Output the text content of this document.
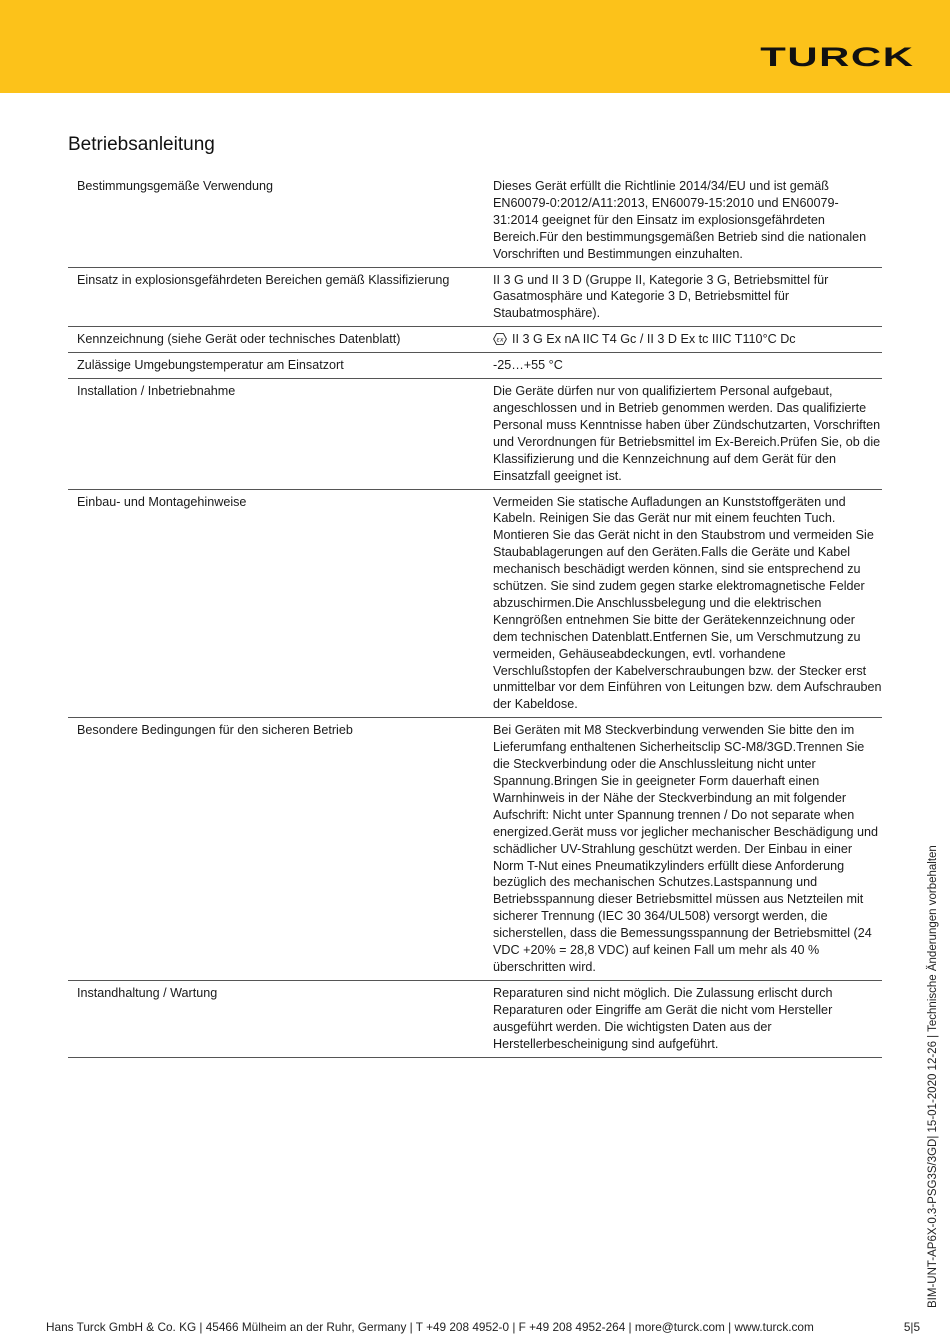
TURCK
Betriebsanleitung
Bestimmungsgemäße Verwendung	Dieses Gerät erfüllt die Richtlinie 2014/34/EU und ist gemäß EN60079-0:2012/A11:2013, EN60079-15:2010 und EN60079-31:2014 geeignet für den Einsatz im explosionsgefährdeten Bereich.Für den bestimmungsgemäßen Betrieb sind die nationalen Vorschriften und Bestimmungen einzuhalten.
Einsatz in explosionsgefährdeten Bereichen gemäß Klassifizierung	II 3 G und II 3 D (Gruppe II, Kategorie 3 G, Betriebsmittel für Gasatmosphäre und Kategorie 3 D, Betriebsmittel für Staubatmosphäre).
Kennzeichnung (siehe Gerät oder technisches Datenblatt)	εx II 3 G Ex nA IIC T4 Gc / II 3 D Ex tc IIIC T110°C Dc
Zulässige Umgebungstemperatur am Einsatzort	-25…+55 °C
Installation / Inbetriebnahme	Die Geräte dürfen nur von qualifiziertem Personal aufgebaut, angeschlossen und in Betrieb genommen werden. Das qualifizierte Personal muss Kenntnisse haben über Zündschutzarten, Vorschriften und Verordnungen für Betriebsmittel im Ex-Bereich.Prüfen Sie, ob die Klassifizierung und die Kennzeichnung auf dem Gerät für den Einsatzfall geeignet ist.
Einbau- und Montagehinweise	Vermeiden Sie statische Aufladungen an Kunststoffgeräten und Kabeln. Reinigen Sie das Gerät nur mit einem feuchten Tuch. Montieren Sie das Gerät nicht in den Staubstrom und vermeiden Sie Staubablagerungen auf den Geräten.Falls die Geräte und Kabel mechanisch beschädigt werden können, sind sie entsprechend zu schützen. Sie sind zudem gegen starke elektromagnetische Felder abzuschirmen.Die Anschlussbelegung und die elektrischen Kenngrößen entnehmen Sie bitte der Gerätekennzeichnung oder dem technischen Datenblatt.Entfernen Sie, um Verschmutzung zu vermeiden, Gehäuseabdeckungen, evtl. vorhandene Verschlußstopfen der Kabelverschraubungen bzw. der Stecker erst unmittelbar vor dem Einführen von Leitungen bzw. dem Aufschrauben der Kabeldose.
Besondere Bedingungen für den sicheren Betrieb	Bei Geräten mit M8 Steckverbindung verwenden Sie bitte den im Lieferumfang enthaltenen Sicherheitsclip SC-M8/3GD.Trennen Sie die Steckverbindung oder die Anschlussleitung nicht unter Spannung.Bringen Sie in geeigneter Form dauerhaft einen Warnhinweis in der Nähe der Steckverbindung an mit folgender Aufschrift: Nicht unter Spannung trennen / Do not separate when energized.Gerät muss vor jeglicher mechanischer Beschädigung und schädlicher UV-Strahlung geschützt werden. Der Einbau in einer Norm T-Nut eines Pneumatikzylinders erfüllt diese Anforderung bezüglich des mechanischen Schutzes.Lastspannung und Betriebsspannung dieser Betriebsmittel müssen aus Netzteilen mit sicherer Trennung (IEC 30 364/UL508) versorgt werden, die sicherstellen, dass die Bemessungsspannung der Betriebsmittel (24 VDC +20% = 28,8 VDC) auf keinen Fall um mehr als 40 % überschritten wird.
Instandhaltung / Wartung	Reparaturen sind nicht möglich. Die Zulassung erlischt durch Reparaturen oder Eingriffe am Gerät die nicht vom Hersteller ausgeführt werden. Die wichtigsten Daten aus der Herstellerbescheinigung sind aufgeführt.	BIM-UNT-AP6X-0.3-PSG3S/3GD| 15-01-2020 12-26 | Technische Änderungen vorbehalten
Hans Turck GmbH & Co. KG | 45466 Mülheim an der Ruhr, Germany | T +49 208 4952-0 | F +49 208 4952-264 | more@turck.com | www.turck.com	5|5
